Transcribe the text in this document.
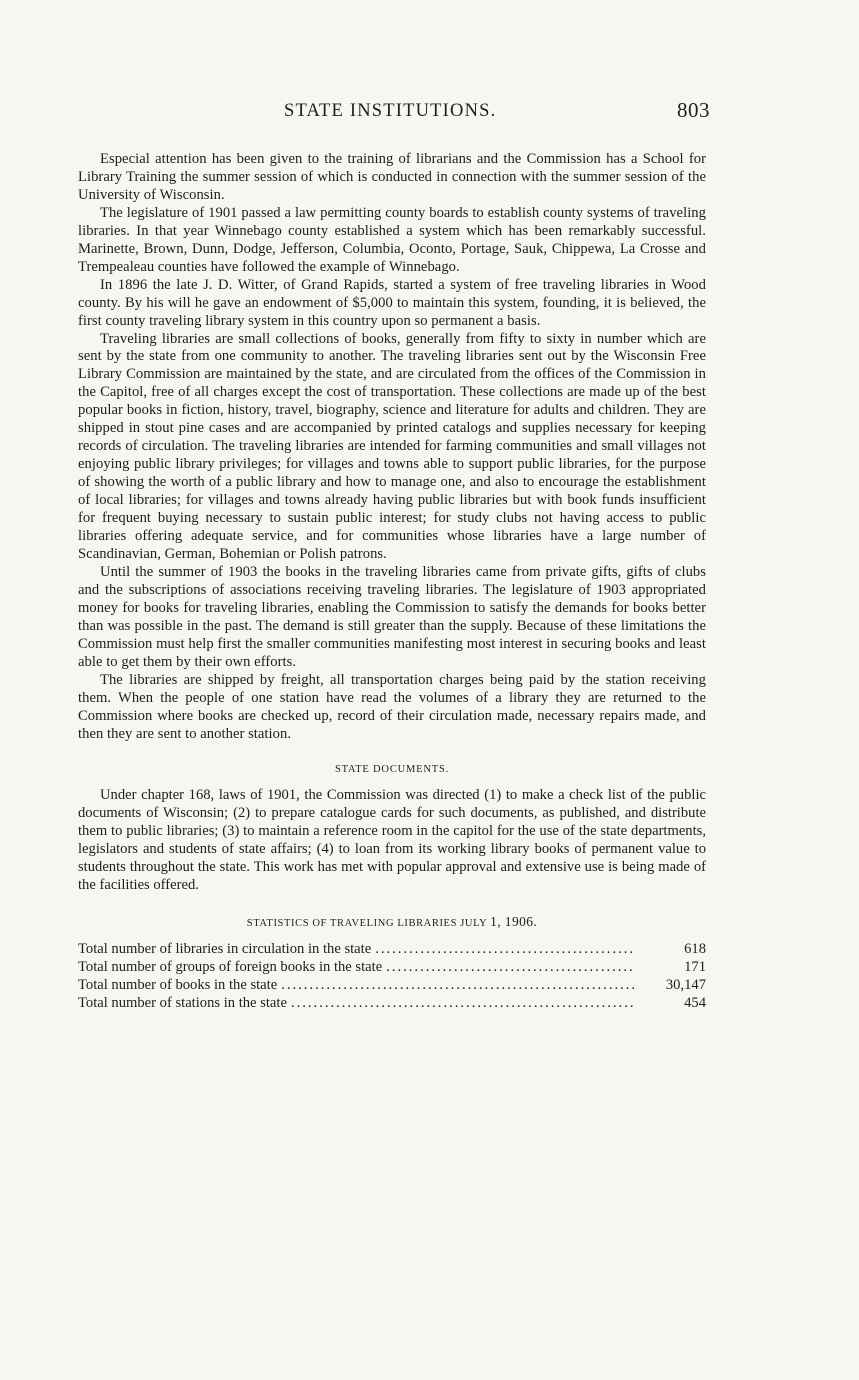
STATE INSTITUTIONS.	803

Especial attention has been given to the training of librarians and the Commission has a School for Library Training the summer session of which is conducted in connection with the summer session of the University of Wisconsin.

The legislature of 1901 passed a law permitting county boards to establish county systems of traveling libraries. In that year Winnebago county established a system which has been remarkably successful. Marinette, Brown, Dunn, Dodge, Jefferson, Columbia, Oconto, Portage, Sauk, Chippewa, La Crosse and Trempealeau counties have followed the example of Winnebago.

In 1896 the late J. D. Witter, of Grand Rapids, started a system of free traveling libraries in Wood county. By his will he gave an endowment of $5,000 to maintain this system, founding, it is believed, the first county traveling library system in this country upon so permanent a basis.

Traveling libraries are small collections of books, generally from fifty to sixty in number which are sent by the state from one community to another. The traveling libraries sent out by the Wisconsin Free Library Commission are maintained by the state, and are circulated from the offices of the Commission in the Capitol, free of all charges except the cost of transportation. These collections are made up of the best popular books in fiction, history, travel, biography, science and literature for adults and children. They are shipped in stout pine cases and are accompanied by printed catalogs and supplies necessary for keeping records of circulation. The traveling libraries are intended for farming communities and small villages not enjoying public library privileges; for villages and towns able to support public libraries, for the purpose of showing the worth of a public library and how to manage one, and also to encourage the establishment of local libraries; for villages and towns already having public libraries but with book funds insufficient for frequent buying necessary to sustain public interest; for study clubs not having access to public libraries offering adequate service, and for communities whose libraries have a large number of Scandinavian, German, Bohemian or Polish patrons.

Until the summer of 1903 the books in the traveling libraries came from private gifts, gifts of clubs and the subscriptions of associations receiving traveling libraries. The legislature of 1903 appropriated money for books for traveling libraries, enabling the Commission to satisfy the demands for books better than was possible in the past. The demand is still greater than the supply. Because of these limitations the Commission must help first the smaller communities manifesting most interest in securing books and least able to get them by their own efforts.

The libraries are shipped by freight, all transportation charges being paid by the station receiving them. When the people of one station have read the volumes of a library they are returned to the Commission where books are checked up, record of their circulation made, necessary repairs made, and then they are sent to another station.

STATE DOCUMENTS.

Under chapter 168, laws of 1901, the Commission was directed (1) to make a check list of the public documents of Wisconsin; (2) to prepare catalogue cards for such documents, as published, and distribute them to public libraries; (3) to maintain a reference room in the capitol for the use of the state departments, legislators and students of state affairs; (4) to loan from its working library books of permanent value to students throughout the state. This work has met with popular approval and extensive use is being made of the facilities offered.

STATISTICS OF TRAVELING LIBRARIES JULY 1, 1906.
Total number of libraries in circulation in the state .....	618
Total number of groups of foreign books in the state .....	171
Total number of books in the state .....	30,147
Total number of stations in the state .....	454
